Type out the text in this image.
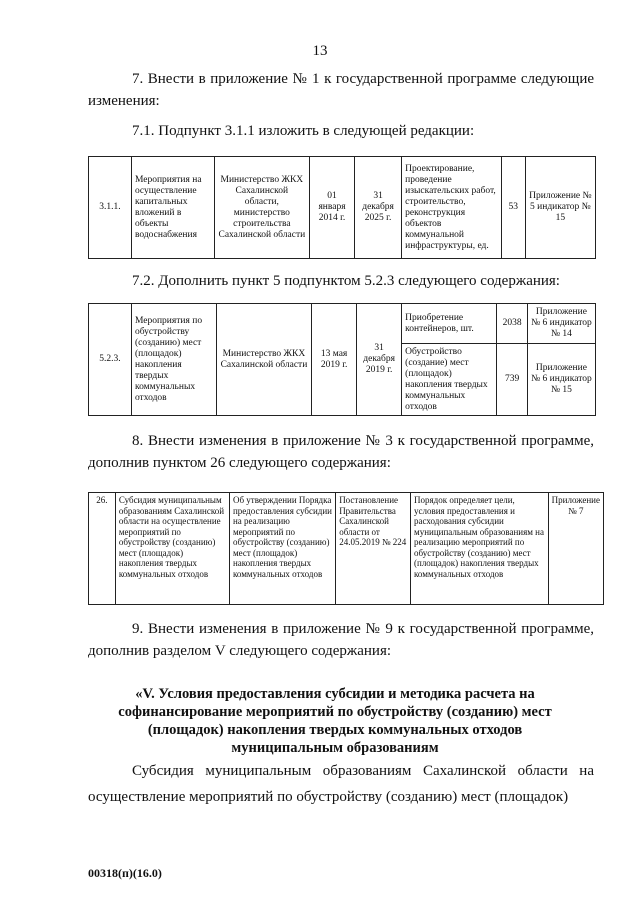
13
7. Внести в приложение № 1 к государственной программе следующие изменения:
7.1. Подпункт 3.1.1 изложить в следующей редакции:
3.1.1.	Мероприятия на осуществление капитальных вложений в объекты водоснабжения	Министерство ЖКХ Сахалинской области, министерство строительства Сахалинской области	01 января 2014 г.	31 декабря 2025 г.	Проектирование, проведение изыскательских работ, строительство, реконструкция объектов коммунальной инфраструктуры, ед.	53	Приложение № 5 индикатор № 15
7.2. Дополнить пункт 5 подпунктом 5.2.3 следующего содержания:
5.2.3.	Мероприятия по обустройству (созданию) мест (площадок) накопления твердых коммунальных отходов	Министерство ЖКХ Сахалинской области	13 мая 2019 г.	31 декабря 2019 г.	Приобретение контейнеров, шт.	2038	Приложение № 6 индикатор № 14
					Обустройство (создание) мест (площадок) накопления твердых коммунальных отходов	739	Приложение № 6 индикатор № 15
8. Внести изменения в приложение № 3 к государственной программе, дополнив пунктом 26 следующего содержания:
26.	Субсидия муниципальным образованиям Сахалинской области на осуществление мероприятий по обустройству (созданию) мест (площадок) накопления твердых коммунальных отходов	Об утверждении Порядка предоставления субсидии на реализацию мероприятий по обустройству (созданию) мест (площадок) накопления твердых коммунальных отходов	Постановление Правительства Сахалинской области от 24.05.2019 № 224	Порядок определяет цели, условия предоставления и расходования субсидии муниципальным образованиям на реализацию мероприятий по обустройству (созданию) мест (площадок) накопления твердых коммунальных отходов	Приложение № 7
9. Внести изменения в приложение № 9 к государственной программе, дополнив разделом V следующего содержания:
«V. Условия предоставления субсидии и методика расчета на софинансирование мероприятий по обустройству (созданию) мест (площадок) накопления твердых коммунальных отходов муниципальным образованиям
Субсидия муниципальным образованиям Сахалинской области на осуществление мероприятий по обустройству (созданию) мест (площадок)
00318(п)(16.0)
